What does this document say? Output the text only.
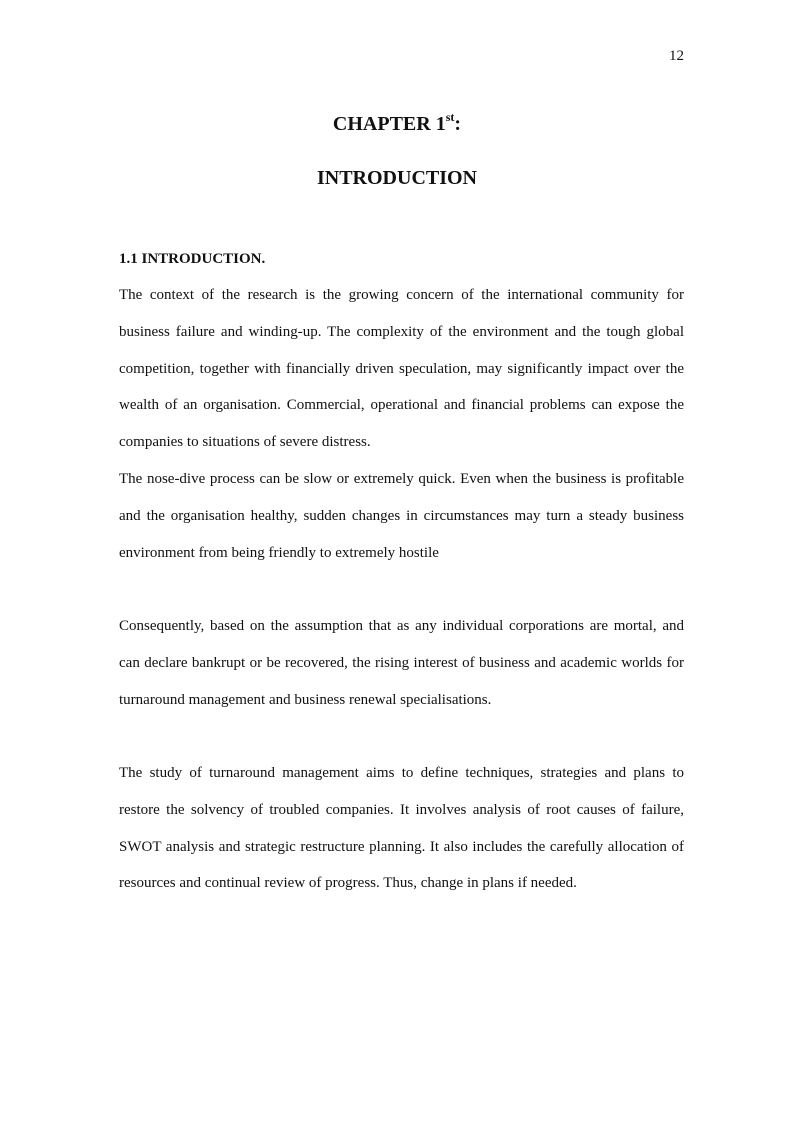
12
CHAPTER 1st:
INTRODUCTION
1.1 INTRODUCTION.

The context of the research is the growing concern of the international community for business failure and winding-up. The complexity of the environment and the tough global competition, together with financially driven speculation, may significantly impact over the wealth of an organisation. Commercial, operational and financial problems can expose the companies to situations of severe distress.

The nose-dive process can be slow or extremely quick. Even when the business is profitable and the organisation healthy, sudden changes in circumstances may turn a steady business environment from being friendly to extremely hostile

Consequently, based on the assumption that as any individual corporations are mortal, and can declare bankrupt or be recovered, the rising interest of business and academic worlds for turnaround management and business renewal specialisations.

The study of turnaround management aims to define techniques, strategies and plans to restore the solvency of troubled companies. It involves analysis of root causes of failure, SWOT analysis and strategic restructure planning. It also includes the carefully allocation of resources and continual review of progress. Thus, change in plans if needed.
